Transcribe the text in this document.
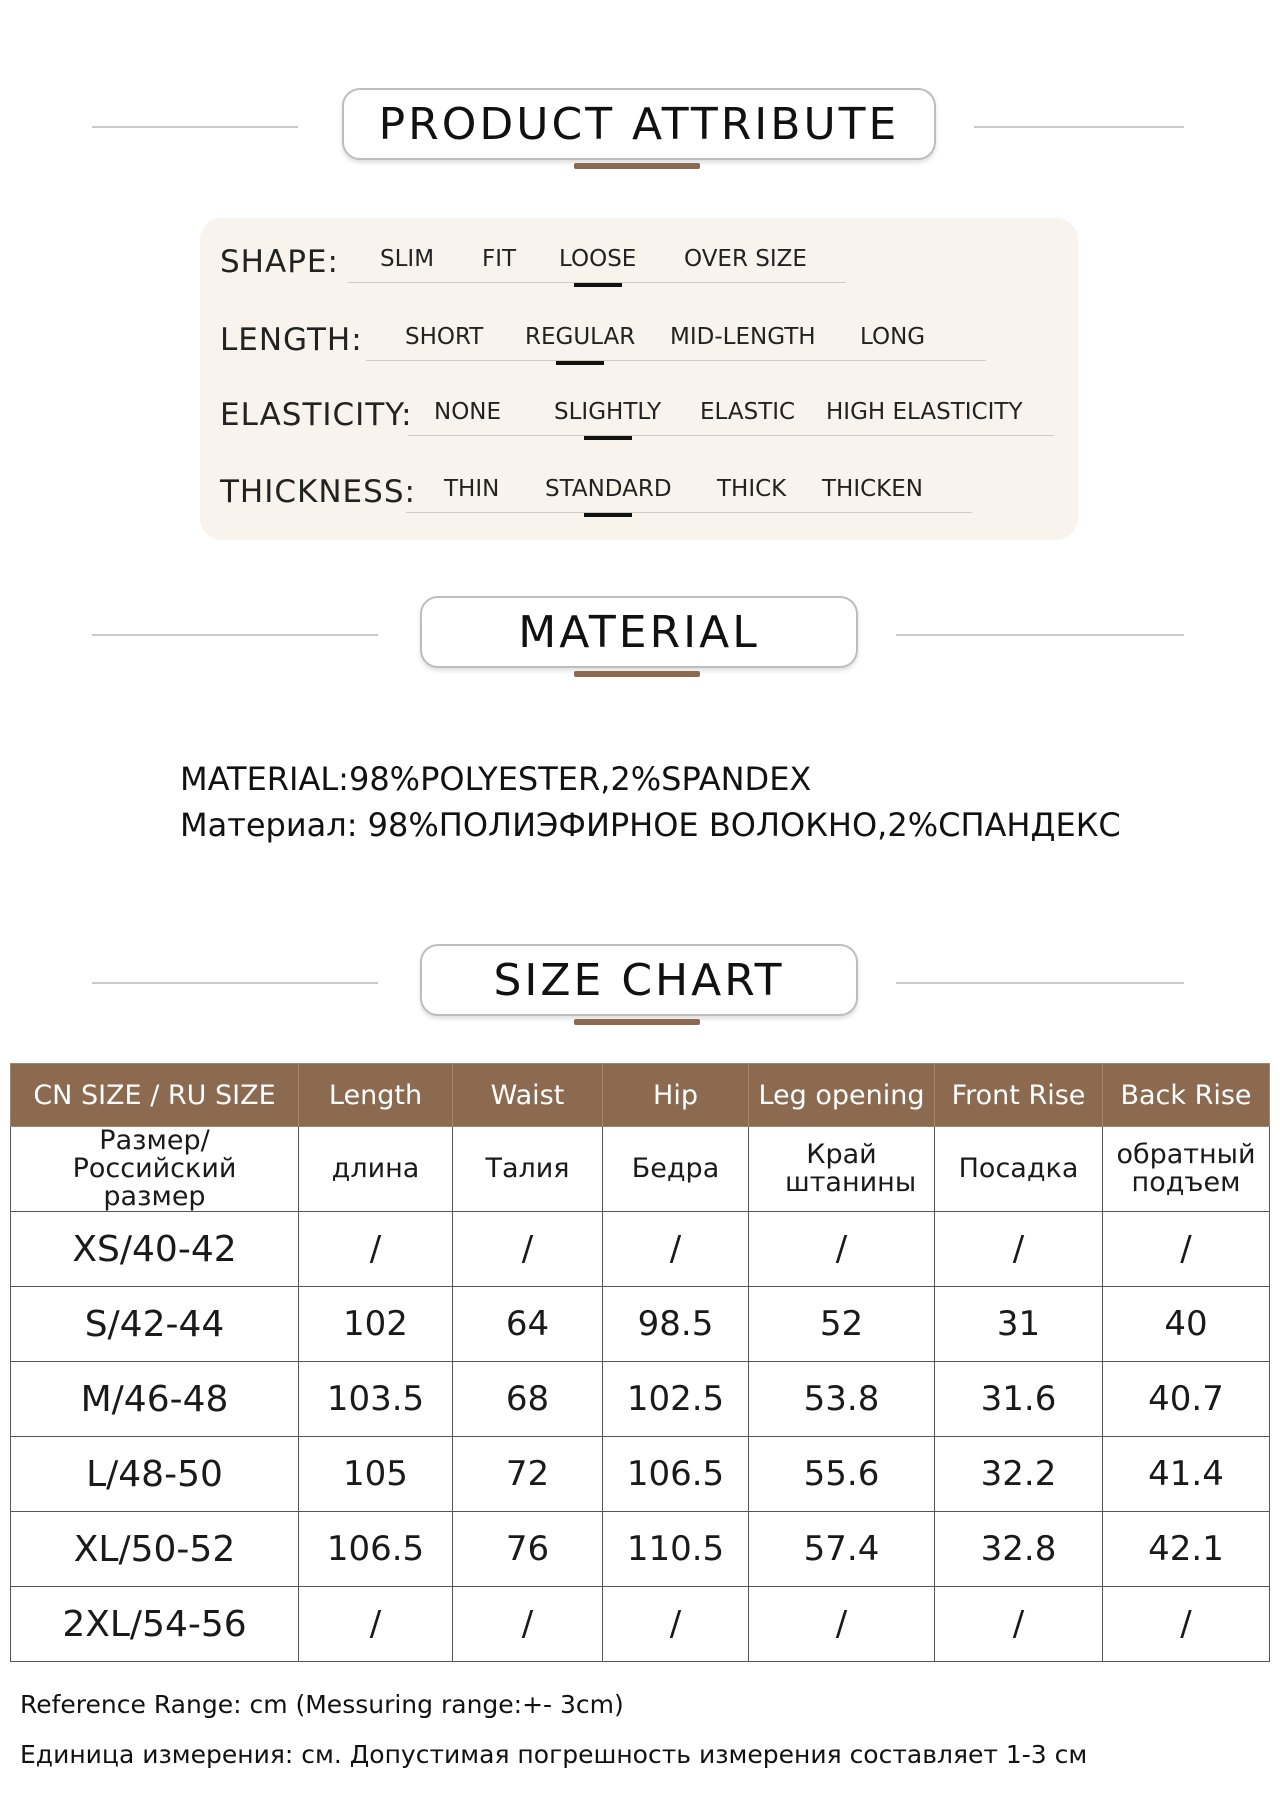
PRODUCT ATTRIBUTE
SHAPE: SLIM FIT LOOSE OVER SIZE
LENGTH: SHORT REGULAR MID-LENGTH LONG
ELASTICITY: NONE SLIGHTLY ELASTIC HIGH ELASTICITY
THICKNESS: THIN STANDARD THICK THICKEN
MATERIAL
MATERIAL:98%POLYESTER,2%SPANDEX
Материал: 98%ПОЛИЭФИРНОЕ ВОЛОКНО,2%СПАНДЕКС
SIZE CHART
CN SIZE / RU SIZE	Length	Waist	Hip	Leg opening	Front Rise	Back Rise
Размер/Российский размер	длина	Талия	Бедра	Край штанины	Посадка	обратный подъем
XS/40-42	/	/	/	/	/	/
S/42-44	102	64	98.5	52	31	40
M/46-48	103.5	68	102.5	53.8	31.6	40.7
L/48-50	105	72	106.5	55.6	32.2	41.4
XL/50-52	106.5	76	110.5	57.4	32.8	42.1
2XL/54-56	/	/	/	/	/	/
Reference Range: cm (Messuring range:+- 3cm)
Единица измерения: см. Допустимая погрешность измерения составляет 1-3 см
